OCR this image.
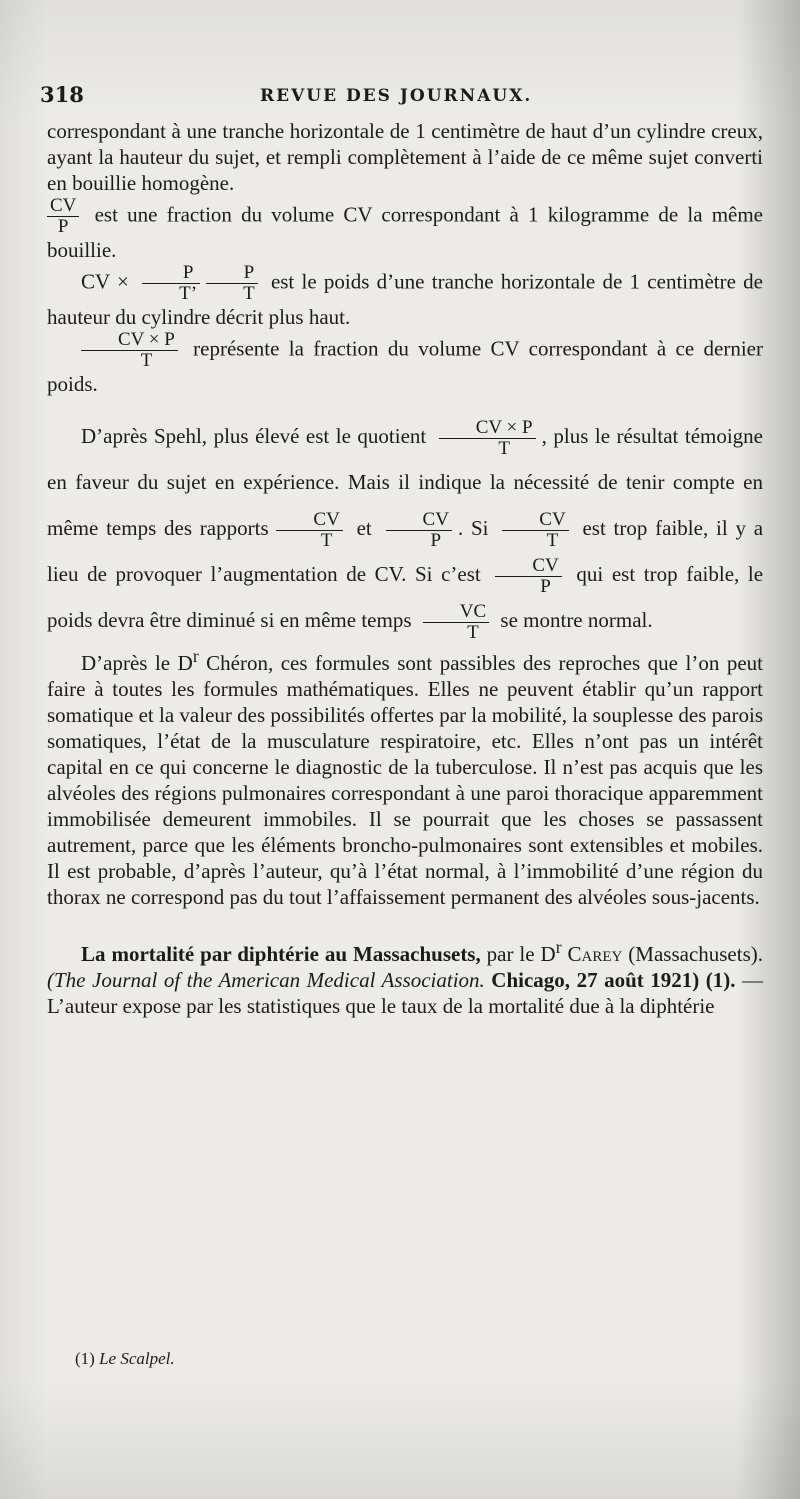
318	REVUE DES JOURNAUX.

correspondant à une tranche horizontale de 1 centimètre de haut d’un cylindre creux, ayant la hauteur du sujet, et rempli complètement à l’aide de ce même sujet converti en bouillie homogène.

$\frac{CV}{P}$ est une fraction du volume CV correspondant à 1 kilogramme de la même bouillie.

CV × $\frac{P}{T’} \frac{P}{T}$ est le poids d’une tranche horizontale de 1 centimètre de hauteur du cylindre décrit plus haut.

$\frac{CV \times P}{T}$ représente la fraction du volume CV correspondant à ce dernier poids.

D’après Spehl, plus élevé est le quotient $\frac{CV \times P}{T}$ , plus le résultat témoigne en faveur du sujet en expérience. Mais il indique la nécessité de tenir compte en même temps des rapports $\frac{CV}{T}$ et $\frac{CV}{P}$ . Si $\frac{CV}{T}$ est trop faible, il y a lieu de provoquer l’augmentation de CV. Si c’est $\frac{CV}{P}$ qui est trop faible, le poids devra être diminué si en même temps $\frac{VC}{T}$ se montre normal.

D’après le $D^r$ Chéron, ces formules sont passibles des reproches que l’on peut faire à toutes les formules mathématiques. Elles ne peuvent établir qu’un rapport somatique et la valeur des possibilités offertes par la mobilité, la souplesse des parois somatiques, l’état de la musculature respiratoire, etc. Elles n’ont pas un intérêt capital en ce qui concerne le diagnostic de la tuberculose. Il n’est pas acquis que les alvéoles des régions pulmonaires correspondant à une paroi thoracique apparemment immobilisée demeurent immobiles. Il se pourrait que les choses se passassent autrement, parce que les éléments broncho-pulmonaires sont extensibles et mobiles. Il est probable, d’après l’auteur, qu’à l’état normal, à l’immobilité d’une région du thorax ne correspond pas du tout l’affaissement permanent des alvéoles sous-jacents.

La mortalité par diphtérie au Massachusets, par le $D^r$ Carey (Massachusets). (The Journal of the American Medical Association. Chicago, 27 août 1921) (1). — L’auteur expose par les statistiques que le taux de la mortalité due à la diphtérie

(1) Le Scalpel.
